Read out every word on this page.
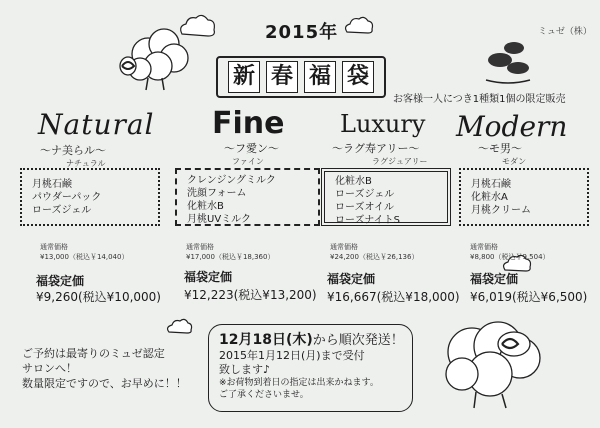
2015年
新 春 福 袋
ミュゼ（株）
お客様一人につき1種類1個の限定販売
Natural Fine Luxury Modern
〜ナ美らル〜	〜フ愛ン〜	〜ラグ寿アリー〜	〜モ男〜
ナチュラル	ファイン	ラグジュアリー	モダン
月桃石鹸
パウダーパック
ローズジェル
クレンジングミルク
洗顔フォーム
化粧水B
月桃UVミルク
化粧水B
ローズジェル
ローズオイル
ローズナイトS
月桃石鹸
化粧水A
月桃クリーム
通常価格
¥13,000（税込￥14,040）
福袋定価
¥9,260(税込¥10,000)
通常価格
¥17,000（税込￥18,360）
福袋定価
¥12,223(税込¥13,200)
通常価格
¥24,200（税込￥26,136）
福袋定価
¥16,667(税込¥18,000)
通常価格
¥8,800（税込￥9,504）
福袋定価
¥6,019(税込¥6,500)
ご予約は最寄りのミュゼ認定
サロンへ！
数量限定ですので、お早めに！！
12月18日(木)から順次発送！
2015年1月12日(月)まで受付
致します♪
※お荷物到着日の指定は出来かねます。
ご了承くださいませ。
